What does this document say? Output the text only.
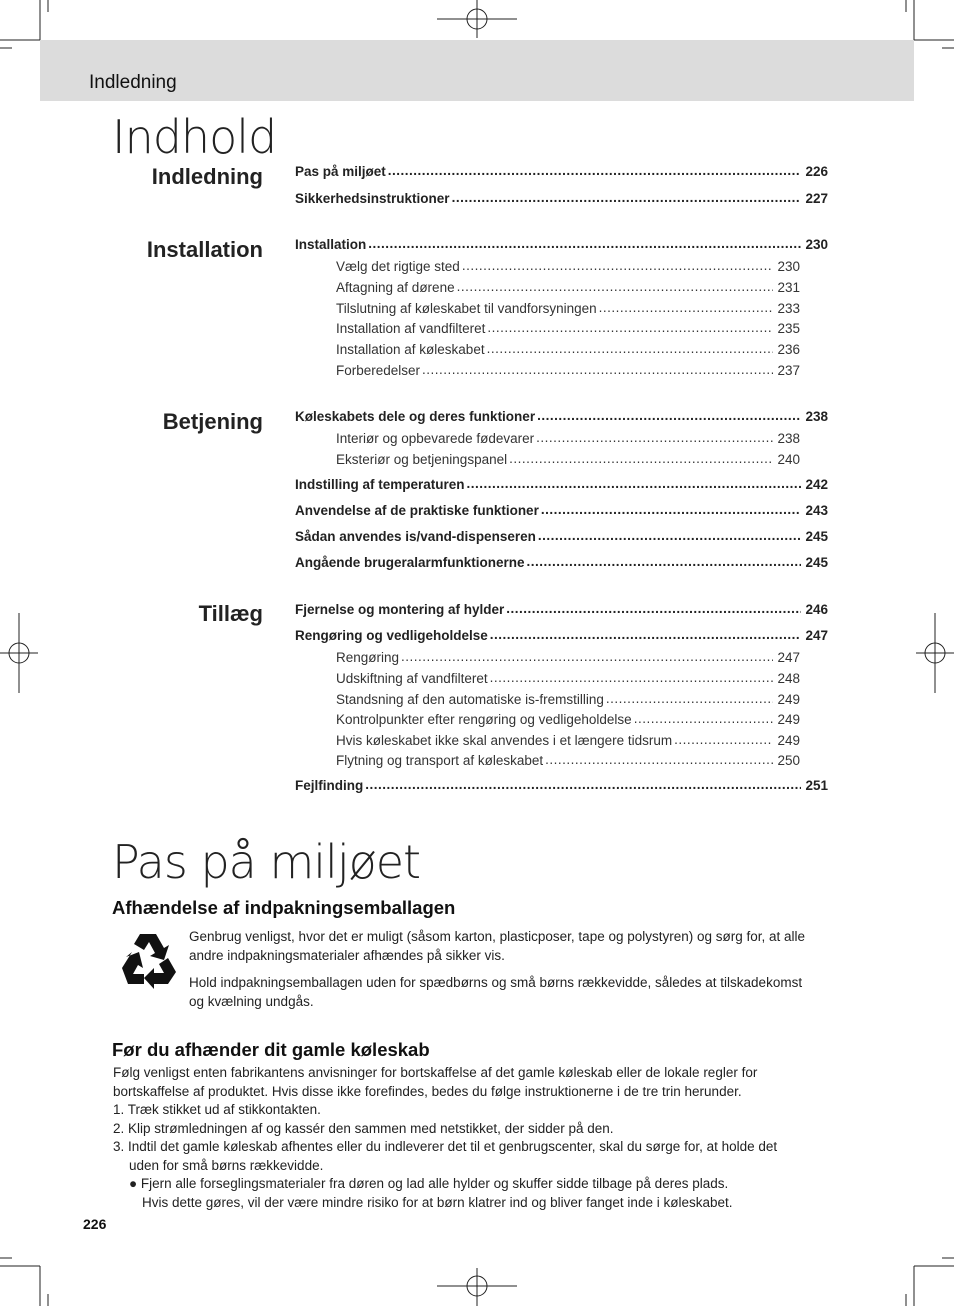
Indledning
Indhold
Indledning
Installation
Betjening
Tillæg
Pas på miljøet .....	226
Sikkerhedsinstruktioner .....	227
Installation .....	230
Vælg det rigtige sted .....	230
Aftagning af dørene .....	231
Tilslutning af køleskabet til vandforsyningen .....	233
Installation af vandfilteret .....	235
Installation af køleskabet .....	236
Forberedelser .....	237
Køleskabets dele og deres funktioner .....	238
Interiør og opbevarede fødevarer .....	238
Eksteriør og betjeningspanel .....	240
Indstilling af temperaturen .....	242
Anvendelse af de praktiske funktioner .....	243
Sådan anvendes is/vand-dispenseren .....	245
Angående brugeralarmfunktionerne .....	245
Fjernelse og montering af hylder .....	246
Rengøring og vedligeholdelse .....	247
Rengøring .....	247
Udskiftning af vandfilteret .....	248
Standsning af den automatiske is-fremstilling .....	249
Kontrolpunkter efter rengøring og vedligeholdelse .....	249
Hvis køleskabet ikke skal anvendes i et længere tidsrum .....	249
Flytning og transport af køleskabet .....	250
Fejlfinding .....	251
Pas på miljøet
Afhændelse af indpakningsemballagen
Genbrug venligst, hvor det er muligt (såsom karton, plasticposer, tape og polystyren) og sørg for, at alle
andre indpakningsmaterialer afhændes på sikker vis.
Hold indpakningsemballagen uden for spædbørns og små børns rækkevidde, således at tilskadekomst
og kvælning undgås.
Før du afhænder dit gamle køleskab
Følg venligst enten fabrikantens anvisninger for bortskaffelse af det gamle køleskab eller de lokale regler for
bortskaffelse af produktet. Hvis disse ikke forefindes, bedes du følge instruktionerne i de tre trin herunder.
1. Træk stikket ud af stikkontakten.
2. Klip strømledningen af og kassér den sammen med netstikket, der sidder på den.
3. Indtil det gamle køleskab afhentes eller du indleverer det til et genbrugscenter, skal du sørge for, at holde det
uden for små børns rækkevidde.
● Fjern alle forseglingsmaterialer fra døren og lad alle hylder og skuffer sidde tilbage på deres plads.
Hvis dette gøres, vil der være mindre risiko for at børn klatrer ind og bliver fanget inde i køleskabet.
226
